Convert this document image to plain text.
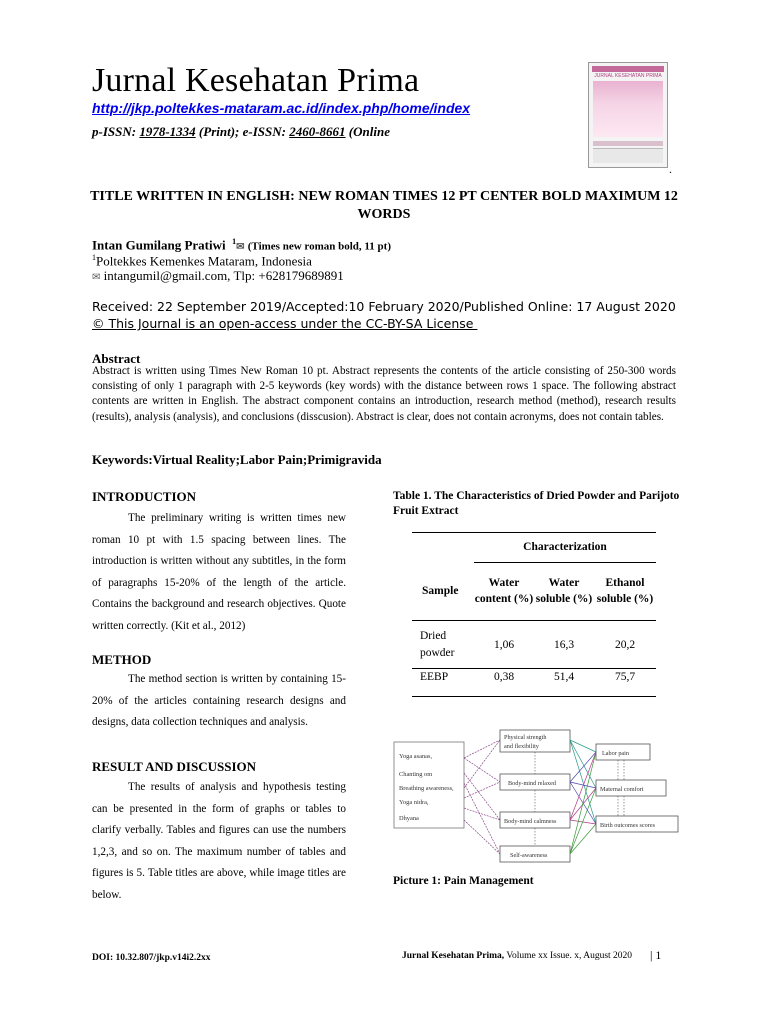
Jurnal Kesehatan Prima
http://jkp.poltekkes-mataram.ac.id/index.php/home/index
p-ISSN: 1978-1334 (Print); e-ISSN: 2460-8661 (Online
JURNAL KESEHATAN PRIMA
.
TITLE WRITTEN IN ENGLISH: NEW ROMAN TIMES 12 PT CENTER BOLD MAXIMUM 12 WORDS
Intan Gumilang Pratiwi $^1$✉ (Times new roman bold, 11 pt)
$^1$Poltekkes Kemenkes Mataram, Indonesia
✉ intangumil@gmail.com, Tlp: +628179689891
Received: 22 September 2019/Accepted:10 February 2020/Published Online: 17 August 2020
© This Journal is an open-access under the CC-BY-SA License
Abstract
Abstract is written using Times New Roman 10 pt. Abstract represents the contents of the article consisting of 250-300 words consisting of only 1 paragraph with 2-5 keywords (key words) with the distance between rows 1 space. The following abstract contents are written in English. The abstract component contains an introduction, research method (method), research results (results), analysis (analysis), and conclusions (disscusion). Abstract is clear, does not contain acronyms, does not contain tables.
Keywords:Virtual Reality;Labor Pain;Primigravida
INTRODUCTION
The preliminary writing is written times new roman 10 pt with 1.5 spacing between lines. The introduction is written without any subtitles, in the form of paragraphs 15-20% of the length of the article. Contains the background and research objectives. Quote written correctly. (Kit et al., 2012)
METHOD
The method section is written by containing 15-20% of the articles containing research designs and designs, data collection techniques and analysis.
RESULT AND DISCUSSION
The results of analysis and hypothesis testing can be presented in the form of graphs or tables to clarify verbally. Tables and figures can use the numbers 1,2,3, and so on. The maximum number of tables and figures is 5. Table titles are above, while image titles are below.
Table 1. The Characteristics of Dried Powder and Parijoto Fruit Extract
	Characterization		
Sample	Water content (%)	Water soluble (%)	Ethanol soluble (%)
Dried powder	1,06	16,3	20,2
EEBP	0,38	51,4	75,7
Yoga asanas, Chanting om Breathing awareness, Yoga nidra, Dhyana
Physical strength and flexibility Body-mind relaxed Body-mind calmness Self-awareness
Labor pain Maternal comfort Birth outcomes scores
Picture 1: Pain Management
DOI: 10.32.807/jkp.v14i2.2xx	Jurnal Kesehatan Prima, Volume xx Issue. x, August 2020 | 1
